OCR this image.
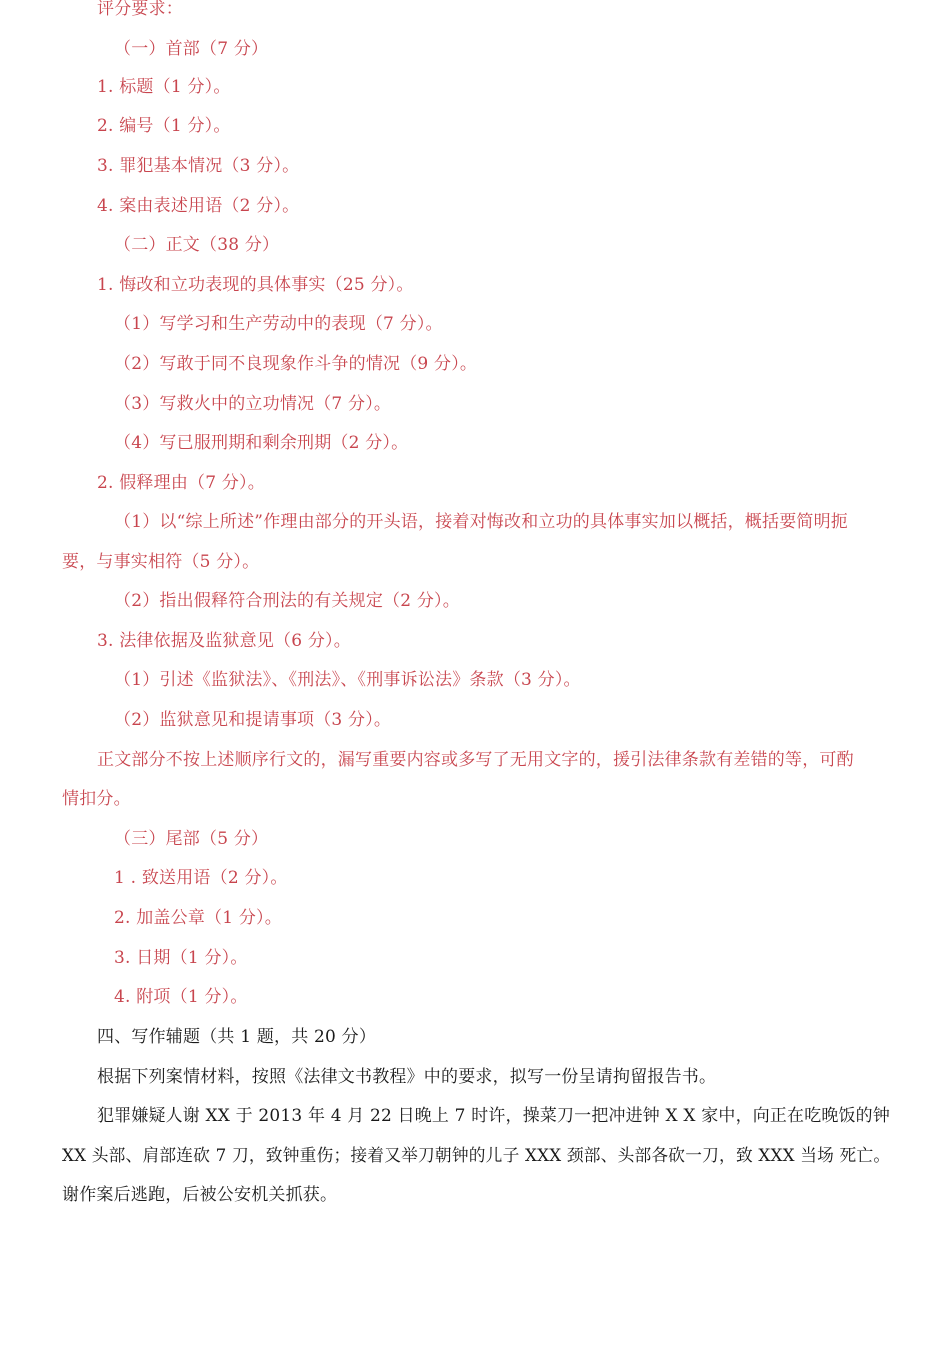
评分要求：
（一）首部（7 分）
1. 标题（1 分）。
2. 编号（1 分）。
3. 罪犯基本情况（3 分）。
4. 案由表述用语（2 分）。
（二）正文（38 分）
1. 悔改和立功表现的具体事实（25 分）。
（1）写学习和生产劳动中的表现（7 分）。
（2）写敢于同不良现象作斗争的情况（9 分）。
（3）写救火中的立功情况（7 分）。
（4）写已服刑期和剩余刑期（2 分）。
2. 假释理由（7 分）。
（1）以“综上所述”作理由部分的开头语，接着对悔改和立功的具体事实加以概括，概括要简明扼
要，与事实相符（5 分）。
（2）指出假释符合刑法的有关规定（2 分）。
3. 法律依据及监狱意见（6 分）。
（1）引述《监狱法》、《刑法》、《刑事诉讼法》条款（3 分）。
（2）监狱意见和提请事项（3 分）。
正文部分不按上述顺序行文的，漏写重要内容或多写了无用文字的，援引法律条款有差错的等，可酌
情扣分。
（三）尾部（5 分）
1 . 致送用语（2 分）。
2. 加盖公章（1 分）。
3. 日期（1 分）。
4. 附项（1 分）。
四、写作辅题（共 1 题，共 20 分）
根据下列案情材料，按照《法律文书教程》中的要求，拟写一份呈请拘留报告书。
犯罪嫌疑人谢 XX 于 2013 年 4 月 22 日晚上 7 时许，操菜刀一把冲进钟 X X 家中，向正在吃晚饭的钟
XX 头部、肩部连砍 7 刀，致钟重伤；接着又举刀朝钟的儿子 XXX 颈部、头部各砍一刀，致 XXX 当场 死亡。
谢作案后逃跑，后被公安机关抓获。
